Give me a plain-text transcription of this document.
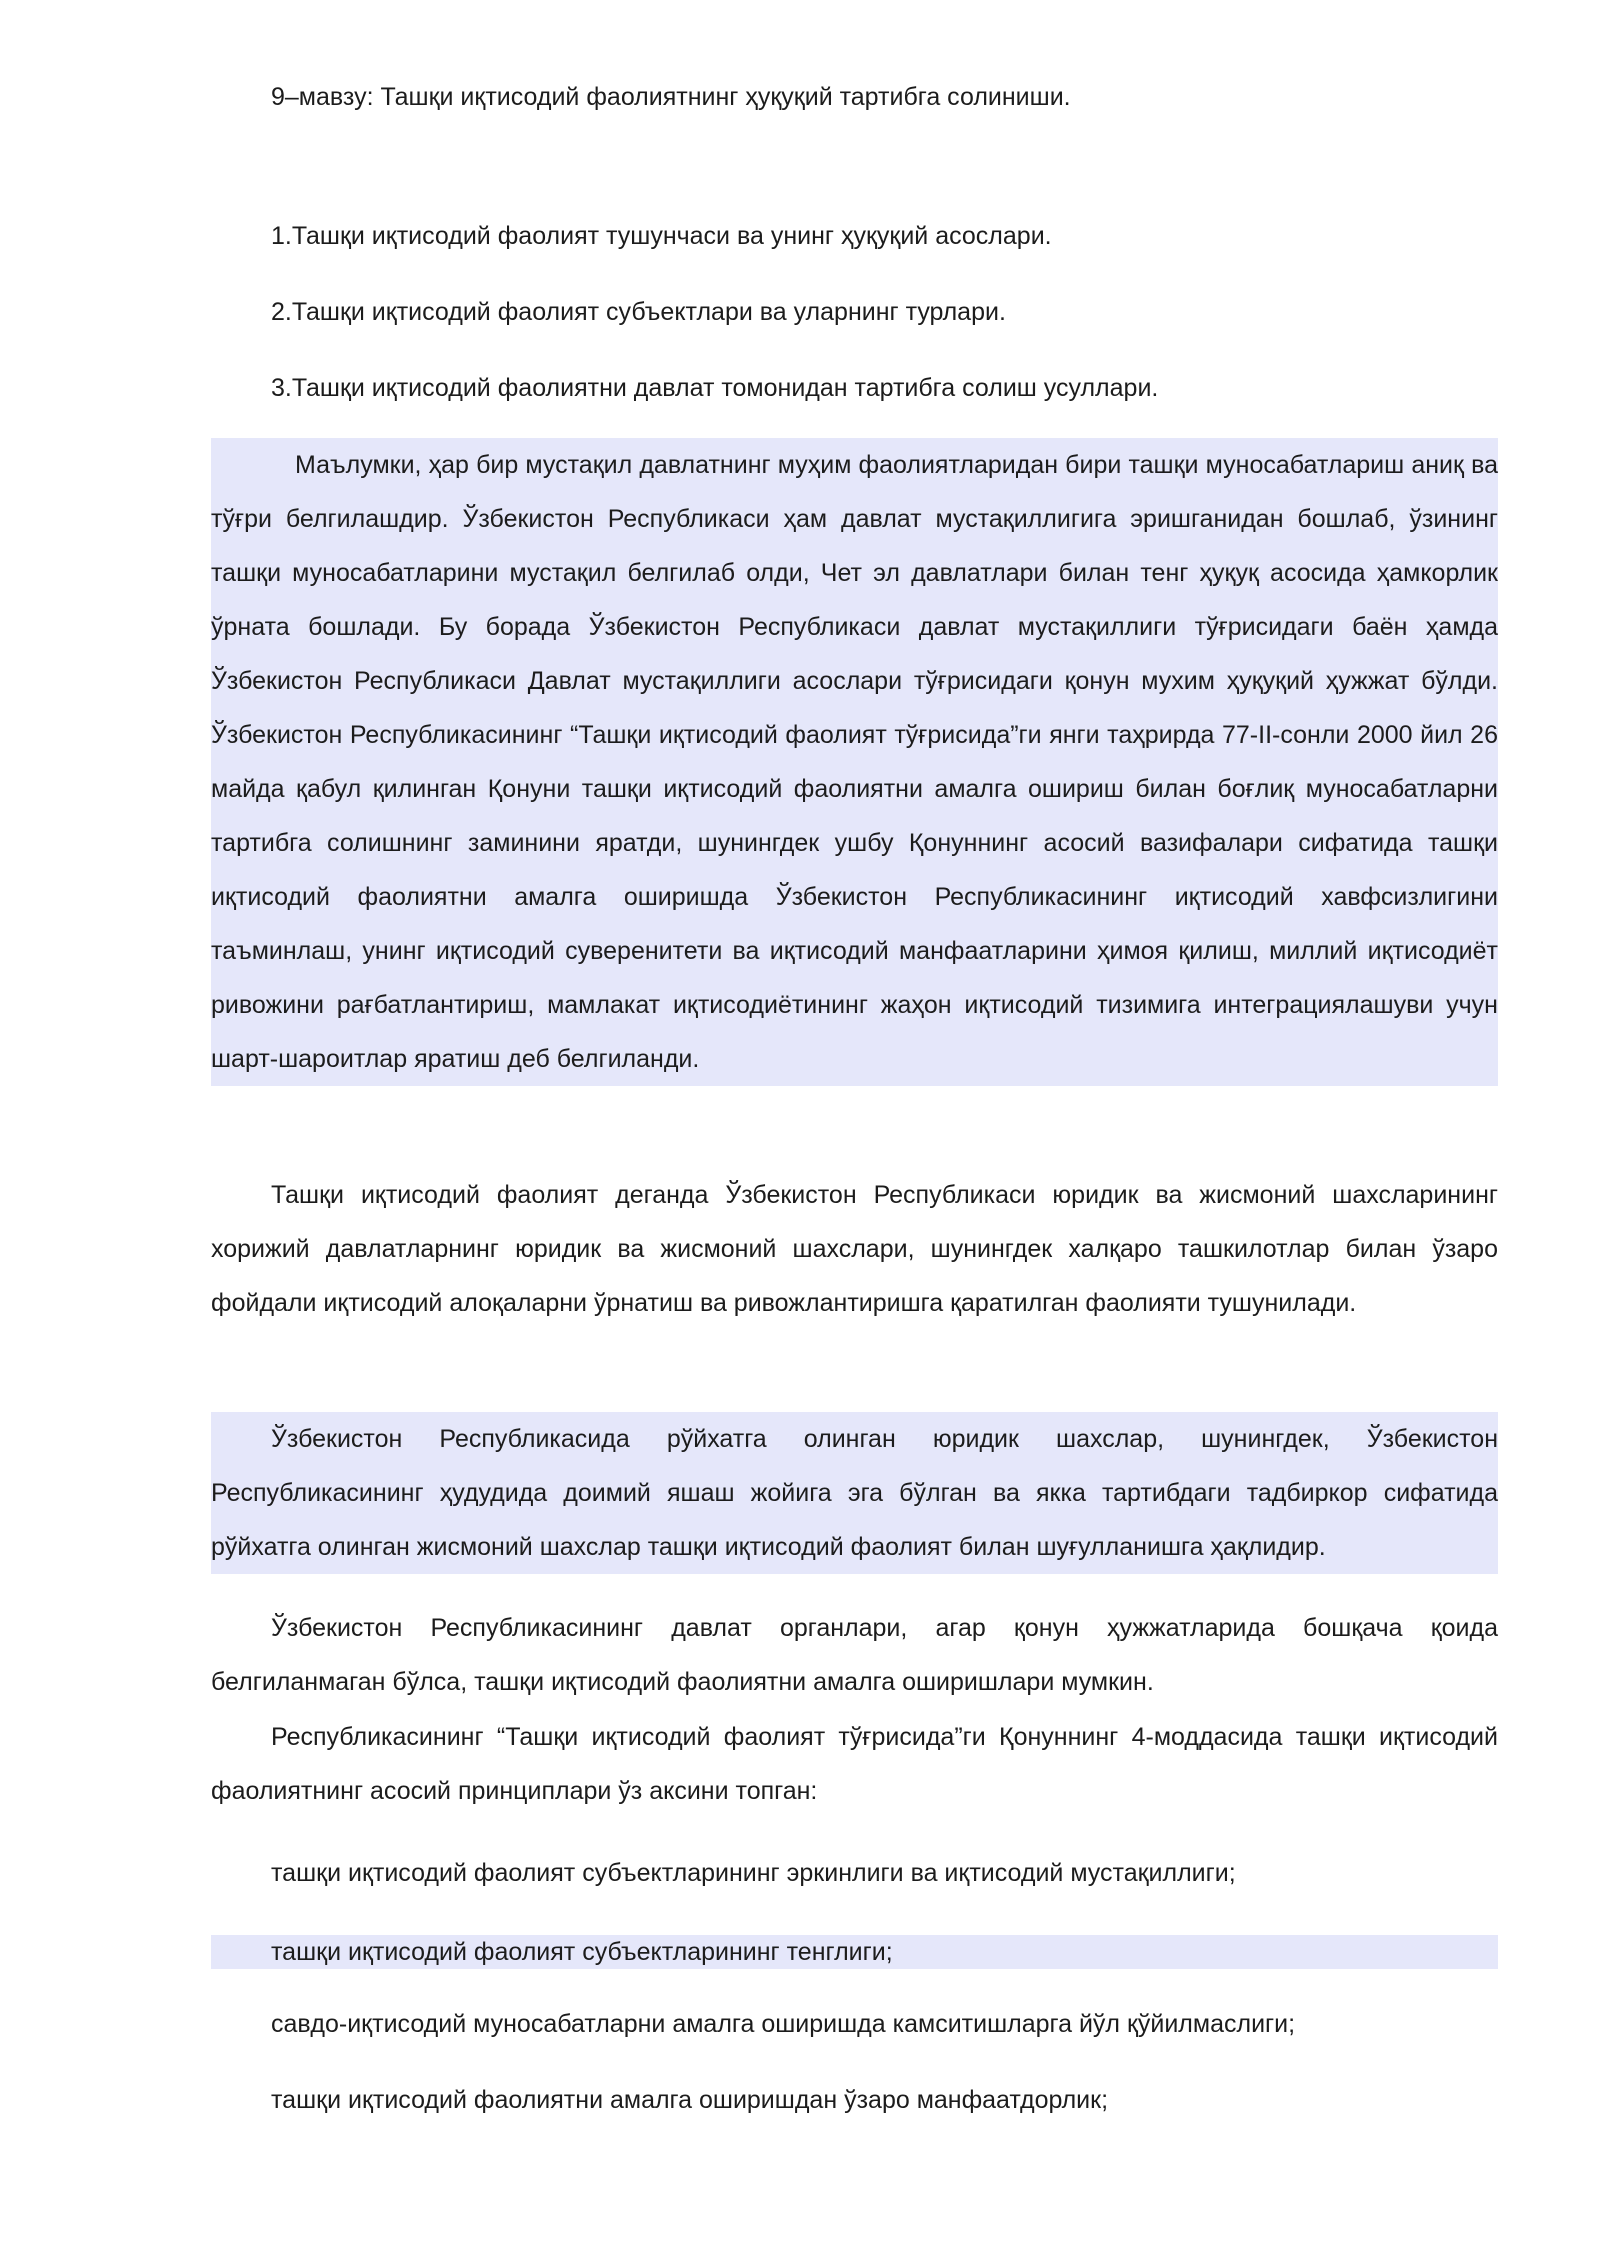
9–мавзу: Ташқи иқтисодий фаолиятнинг ҳуқуқий тартибга солиниши.

1.Ташқи иқтисодий фаолият тушунчаси ва унинг ҳуқуқий асослари.

2.Ташқи иқтисодий фаолият субъектлари ва уларнинг турлари.

3.Ташқи иқтисодий фаолиятни давлат томонидан тартибга солиш усуллари.

Маълумки, ҳар бир мустақил давлатнинг муҳим фаолиятларидан бири ташқи муносабатлариш аниқ ва тўғри белгилашдир. Ўзбекистон Республикаси ҳам давлат мустақиллигига эришганидан бошлаб, ўзининг ташқи муносабатларини мустақил белгилаб олди, Чет эл давлатлари билан тенг ҳуқуқ асосида ҳамкорлик ўрната бошлади. Бу борада Ўзбекистон Республикаси давлат мустақиллиги тўғрисидаги баён ҳамда Ўзбекистон Республикаси Давлат мустақиллиги асослари тўғрисидаги қонун мухим ҳуқуқий ҳужжат бўлди. Ўзбекистон Республикасининг “Ташқи иқтисодий фаолият тўғрисида”ги янги таҳрирда 77-II-сонли 2000 йил 26 майда қабул қилинган Қонуни ташқи иқтисодий фаолиятни амалга ошириш билан боғлиқ муносабатларни тартибга солишнинг заминини яратди, шунингдек ушбу Қонуннинг асосий вазифалари сифатида ташқи иқтисодий фаолиятни амалга оширишда Ўзбекистон Республикасининг иқтисодий хавфсизлигини таъминлаш, унинг иқтисодий суверенитети ва иқтисодий манфаатларини ҳимоя қилиш, миллий иқтисодиёт ривожини рағбатлантириш, мамлакат иқтисодиётининг жаҳон иқтисодий тизимига интеграциялашуви учун шарт-шароитлар яратиш деб белгиланди.

Ташқи иқтисодий фаолият деганда Ўзбекистон Республикаси юридик ва жисмоний шахсларининг хорижий давлатларнинг юридик ва жисмоний шахслари, шунингдек халқаро ташкилотлар билан ўзаро фойдали иқтисодий алоқаларни ўрнатиш ва ривожлантиришга қаратилган фаолияти тушунилади.

Ўзбекистон Республикасида рўйхатга олинган юридик шахслар, шунингдек, Ўзбекистон Республикасининг ҳудудида доимий яшаш жойига эга бўлган ва якка тартибдаги тадбиркор сифатида рўйхатга олинган жисмоний шахслар ташқи иқтисодий фаолият билан шуғулланишга ҳақлидир.

Ўзбекистон Республикасининг давлат органлари, агар қонун ҳужжатларида бошқача қоида белгиланмаган бўлса, ташқи иқтисодий фаолиятни амалга оширишлари мумкин.

Республикасининг “Ташқи иқтисодий фаолият тўғрисида”ги Қонуннинг 4-моддасида ташқи иқтисодий фаолиятнинг асосий принциплари ўз аксини топган:

ташқи иқтисодий фаолият субъектларининг эркинлиги ва иқтисодий мустақиллиги;

ташқи иқтисодий фаолият субъектларининг тенглиги;

савдо-иқтисодий муносабатларни амалга оширишда камситишларга йўл қўйилмаслиги;

ташқи иқтисодий фаолиятни амалга оширишдан ўзаро манфаатдорлик;
